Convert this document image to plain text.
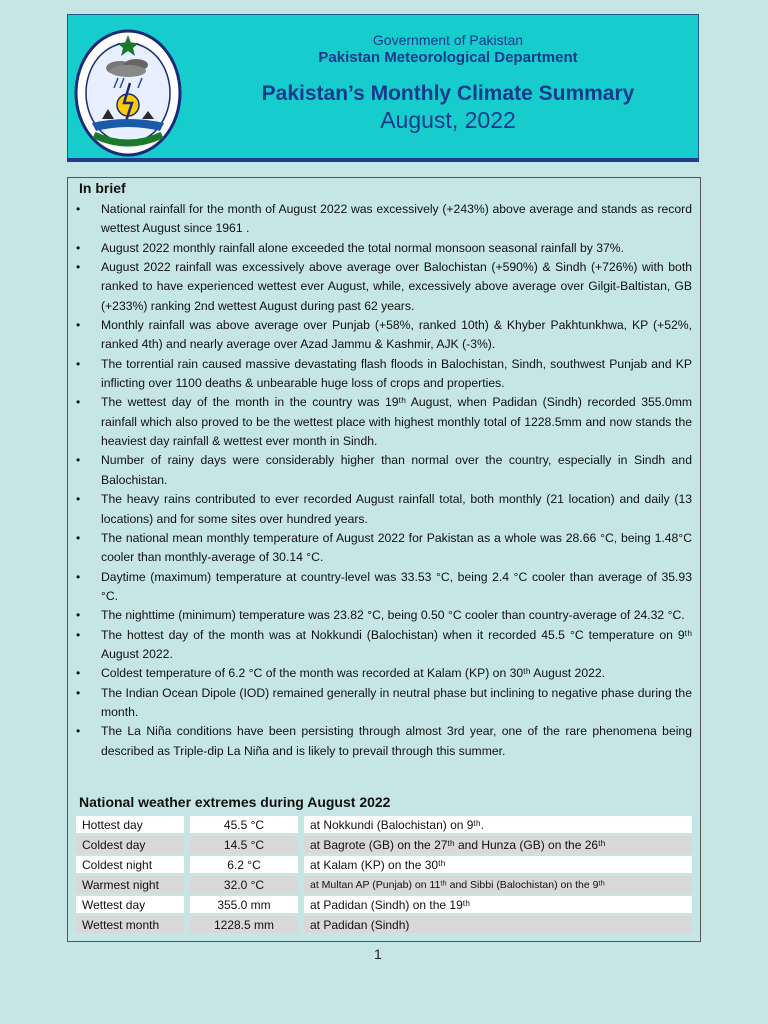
Government of Pakistan
Pakistan Meteorological Department
Pakistan’s Monthly Climate Summary
August, 2022
In brief
• National rainfall for the month of August 2022 was excessively (+243%) above average and stands as record wettest August since 1961 .
• August 2022 monthly rainfall alone exceeded the total normal monsoon seasonal rainfall by 37%.
• August 2022 rainfall was excessively above average over Balochistan (+590%) & Sindh (+726%) with both ranked to have experienced wettest ever August, while, excessively above average over Gilgit-Baltistan, GB (+233%) ranking 2nd wettest August during past 62 years.
• Monthly rainfall was above average over Punjab (+58%, ranked 10th) & Khyber Pakhtunkhwa, KP (+52%, ranked 4th) and nearly average over Azad Jammu & Kashmir, AJK (-3%).
• The torrential rain caused massive devastating flash floods in Balochistan, Sindh, southwest Punjab and KP inflicting over 1100 deaths & unbearable huge loss of crops and properties.
• The wettest day of the month in the country was 19ᵗʰ August, when Padidan (Sindh) recorded 355.0mm rainfall which also proved to be the wettest place with highest monthly total of 1228.5mm and now stands the heaviest day rainfall & wettest ever month in Sindh.
• Number of rainy days were considerably higher than normal over the country, especially in Sindh and Balochistan.
• The heavy rains contributed to ever recorded August rainfall total, both monthly (21 location) and daily (13 locations) and for some sites over hundred years.
• The national mean monthly temperature of August 2022 for Pakistan as a whole was 28.66 °C, being 1.48°C cooler than monthly-average of 30.14 °C.
• Daytime (maximum) temperature at country-level was 33.53 °C, being 2.4 °C cooler than average of 35.93 °C.
• The nighttime (minimum) temperature was 23.82 °C, being 0.50 °C cooler than country-average of 24.32 °C.
• The hottest day of the month was at Nokkundi (Balochistan) when it recorded 45.5 °C temperature on 9ᵗʰ August 2022.
• Coldest temperature of 6.2 °C of the month was recorded at Kalam (KP) on 30ᵗʰ August 2022.
• The Indian Ocean Dipole (IOD) remained generally in neutral phase but inclining to negative phase during the month.
• The La Niña conditions have been persisting through almost 3rd year, one of the rare phenomena being described as Triple-dip La Niña and is likely to prevail through this summer.
National weather extremes during August 2022
Hottest day		45.5 °C		at Nokkundi (Balochistan) on 9ᵗʰ.
Coldest day		14.5 °C		at Bagrote (GB) on the 27ᵗʰ and Hunza (GB) on the 26ᵗʰ
Coldest night		6.2 °C		at Kalam (KP) on the 30ᵗʰ
Warmest night		32.0 °C		at Multan AP (Punjab) on 11ᵗʰ and Sibbi (Balochistan) on the 9ᵗʰ
Wettest day		355.0 mm		at Padidan (Sindh) on the 19ᵗʰ
Wettest month		1228.5 mm		at Padidan (Sindh)
1
